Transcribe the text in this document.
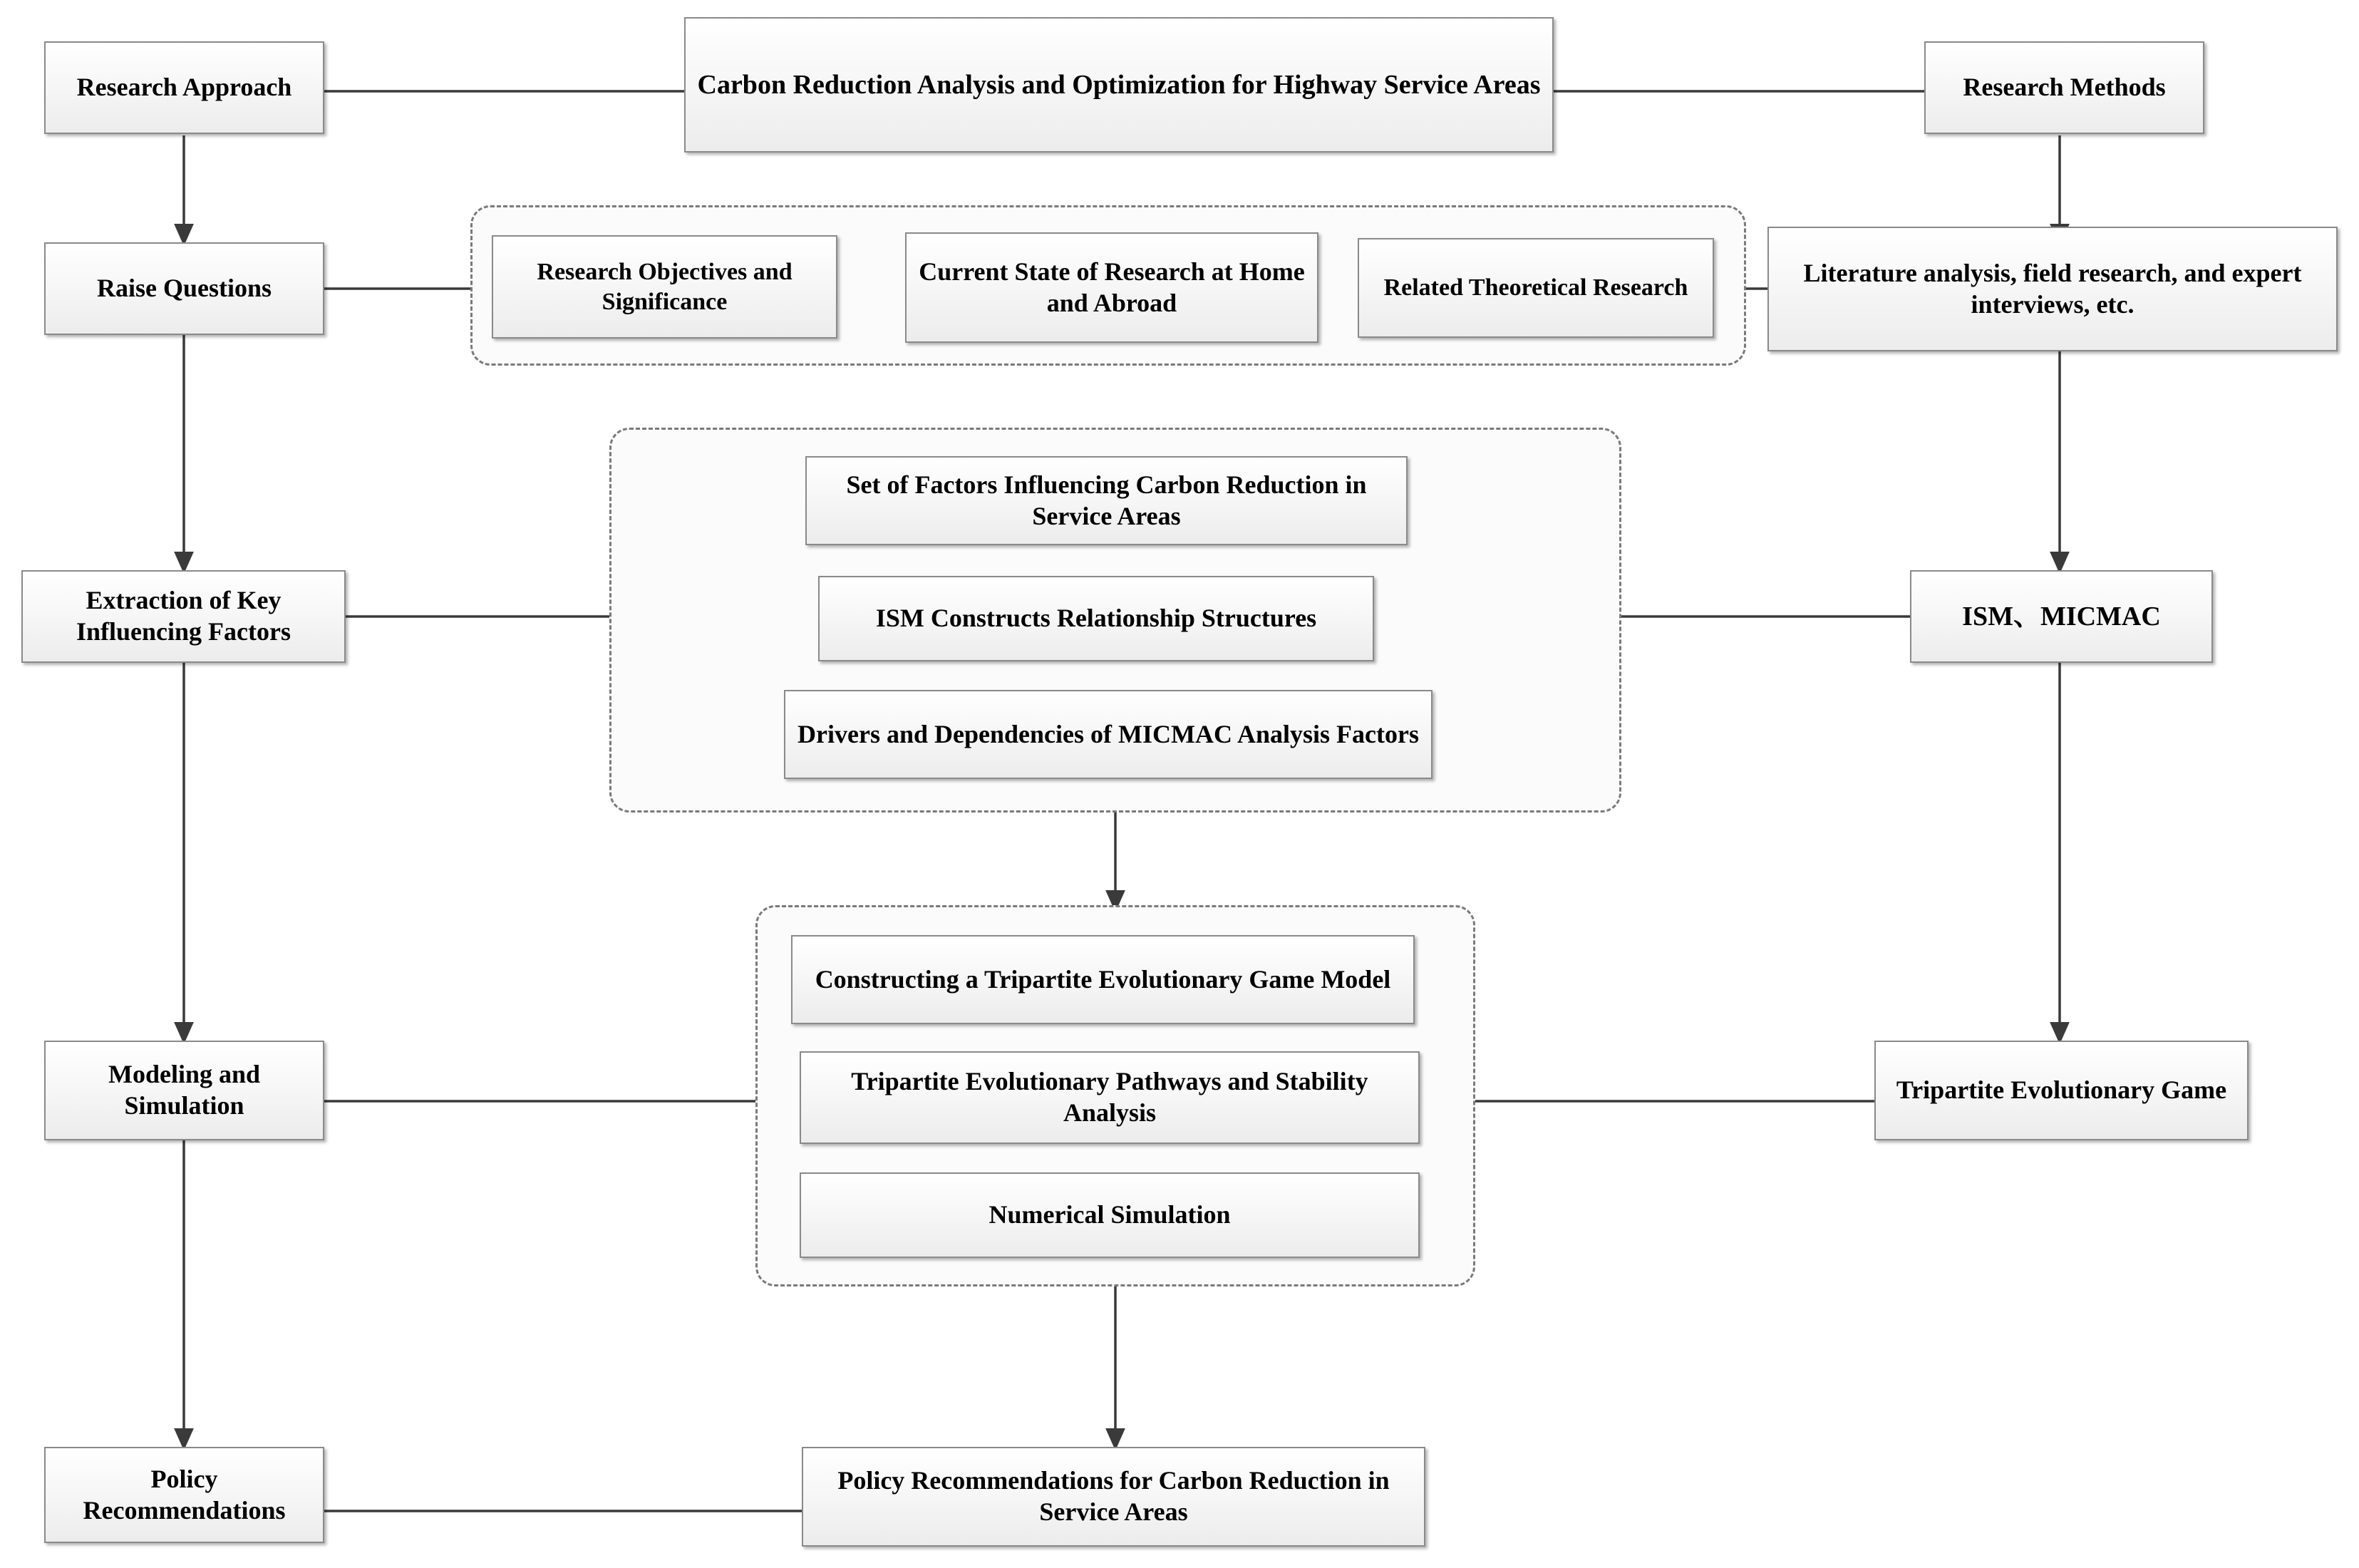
Carbon Reduction Analysis and Optimization for Highway Service Areas
Research Approach
Raise Questions
Extraction of Key Influencing Factors
Modeling and Simulation
Policy Recommendations
Research Methods
Literature analysis, field research, and expert interviews, etc.
ISM、MICMAC
Tripartite Evolutionary Game
Research Objectives and Significance
Current State of Research at Home and Abroad
Related Theoretical Research
Set of Factors Influencing Carbon Reduction in Service Areas
ISM Constructs Relationship Structures
Drivers and Dependencies of MICMAC Analysis Factors
Constructing a Tripartite Evolutionary Game Model
Tripartite Evolutionary Pathways and Stability Analysis
Numerical Simulation
Policy Recommendations for Carbon Reduction in Service Areas
